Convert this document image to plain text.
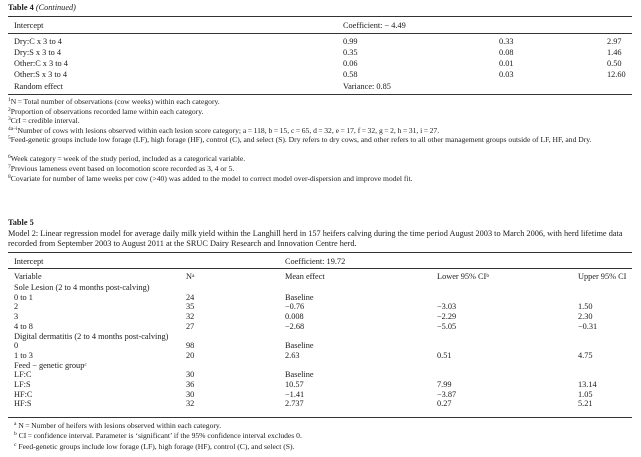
Table 4 (Continued)
Intercept	Coefficient: − 4.49
Dry:C x 3 to 4	0.99	0.33	2.97
Dry:S x 3 to 4	0.35	0.08	1.46
Other:C x 3 to 4	0.06	0.01	0.50
Other:S x 3 to 4	0.58	0.03	12.60
Random effect	Variance: 0.85
$^1$N = Total number of observations (cow weeks) within each category.
$^2$Proportion of observations recorded lame within each category.
$^3$CrI = credible interval.
$^{4a-i}$Number of cows with lesions observed within each lesion score category; a = 118, b = 15, c = 65, d = 32, e = 17, f = 32, g = 2, h = 31, i = 27.
$^5$Feed-genetic groups include low forage (LF), high forage (HF), control (C), and select (S). Dry refers to dry cows, and other refers to all other management groups outside of LF, HF, and Dry.
$^6$Week category = week of the study period, included as a categorical variable.
$^7$Previous lameness event based on locomotion score recorded as 3, 4 or 5.
$^8$Covariate for number of lame weeks per cow (>40) was added to the model to correct model over-dispersion and improve model fit.
Table 5
Model 2: Linear regression model for average daily milk yield within the Langhill herd in 157 heifers calving during the time period August 2003 to March 2006, with herd lifetime data recorded from September 2003 to August 2011 at the SRUC Dairy Research and Innovation Centre herd.
Intercept	Coefficient: 19.72
Variable	$N^a$	Mean effect	Lower 95% $CI^b$	Upper 95% CI
Sole Lesion (2 to 4 months post-calving)
0 to 1	24	Baseline
2	35	−0.76	−3.03	1.50
3	32	0.008	−2.29	2.30
4 to 8	27	−2.68	−5.05	−0.31
Digital dermatitis (2 to 4 months post-calving)
0	98	Baseline
1 to 3	20	2.63	0.51	4.75
Feed − genetic group$^c$
LF:C	30	Baseline
LF:S	36	10.57	7.99	13.14
HF:C	30	−1.41	−3.87	1.05
HF:S	32	2.737	0.27	5.21
$^a$ N = Number of heifers with lesions observed within each category.
$^b$ CI = confidence interval. Parameter is ‘significant’ if the 95% confidence interval excludes 0.
$^c$ Feed-genetic groups include low forage (LF), high forage (HF), control (C), and select (S).
